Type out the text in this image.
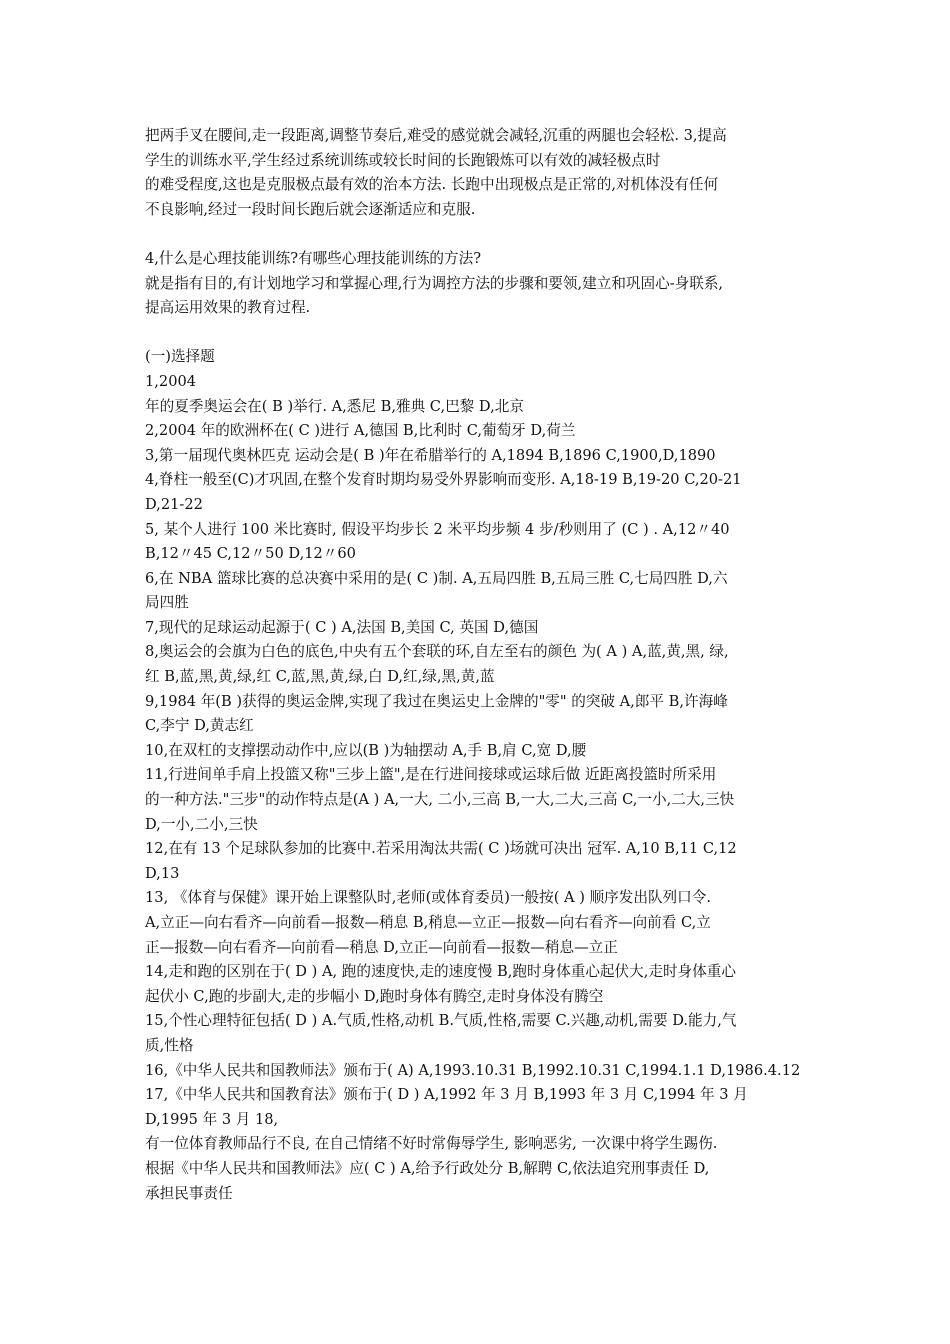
把两手叉在腰间,走一段距离,调整节奏后,难受的感觉就会减轻,沉重的两腿也会轻松. 3,提高
学生的训练水平,学生经过系统训练或较长时间的长跑锻炼可以有效的减轻极点时
的难受程度,这也是克服极点最有效的治本方法. 长跑中出现极点是正常的,对机体没有任何
不良影响,经过一段时间长跑后就会逐渐适应和克服.
4,什么是心理技能训练?有哪些心理技能训练的方法?
就是指有目的,有计划地学习和掌握心理,行为调控方法的步骤和要领,建立和巩固心-身联系,
提高运用效果的教育过程.
(一)选择题
1,2004
年的夏季奥运会在( B )举行. A,悉尼 B,雅典 C,巴黎 D,北京
2,2004 年的欧洲杯在( C )进行 A,德国 B,比利时 C,葡萄牙 D,荷兰
3,第一届现代奥林匹克 运动会是( B )年在希腊举行的 A,1894 B,1896 C,1900,D,1890
4,脊柱一般至(C)才巩固,在整个发育时期均易受外界影响而变形. A,18-19 B,19-20 C,20-21
D,21-22
5, 某个人进行 100 米比赛时, 假设平均步长 2 米平均步频 4 步/秒则用了 (C ) . A,12〃40
B,12〃45 C,12〃50 D,12〃60
6,在 NBA 篮球比赛的总决赛中采用的是( C )制. A,五局四胜 B,五局三胜 C,七局四胜 D,六
局四胜
7,现代的足球运动起源于( C ) A,法国 B,美国 C, 英国 D,德国
8,奥运会的会旗为白色的底色,中央有五个套联的环,自左至右的颜色 为( A ) A,蓝,黄,黑, 绿,
红 B,蓝,黑,黄,绿,红 C,蓝,黑,黄,绿,白 D,红,绿,黑,黄,蓝
9,1984 年(B )获得的奥运金牌,实现了我过在奥运史上金牌的"零" 的突破 A,郎平 B,许海峰
C,李宁 D,黄志红
10,在双杠的支撑摆动动作中,应以(B )为轴摆动 A,手 B,肩 C,宽 D,腰
11,行进间单手肩上投篮又称"三步上篮",是在行进间接球或运球后做 近距离投篮时所采用
的一种方法."三步"的动作特点是(A ) A,一大, 二小,三高 B,一大,二大,三高 C,一小,二大,三快
D,一小,二小,三快
12,在有 13 个足球队参加的比赛中.若采用淘汰共需( C )场就可决出 冠军. A,10 B,11 C,12
D,13
13, 《体育与保健》课开始上课整队时,老师(或体育委员)一般按( A ) 顺序发出队列口令.
A,立正—向右看齐—向前看—报数—稍息 B,稍息—立正—报数—向右看齐—向前看 C,立
正—报数—向右看齐—向前看—稍息 D,立正—向前看—报数—稍息—立正
14,走和跑的区别在于( D ) A, 跑的速度快,走的速度慢 B,跑时身体重心起伏大,走时身体重心
起伏小 C,跑的步副大,走的步幅小 D,跑时身体有腾空,走时身体没有腾空
15,个性心理特征包括( D ) A.气质,性格,动机 B.气质,性格,需要 C.兴趣,动机,需要 D.能力,气
质,性格
16,《中华人民共和国教师法》颁布于( A) A,1993.10.31 B,1992.10.31 C,1994.1.1 D,1986.4.12
17,《中华人民共和国教育法》颁布于( D ) A,1992 年 3 月 B,1993 年 3 月 C,1994 年 3 月
D,1995 年 3 月 18,
有一位体育教师品行不良, 在自己情绪不好时常侮辱学生, 影响恶劣, 一次课中将学生踢伤.
根据《中华人民共和国教师法》应( C ) A,给予行政处分 B,解聘 C,依法追究刑事责任 D,
承担民事责任
